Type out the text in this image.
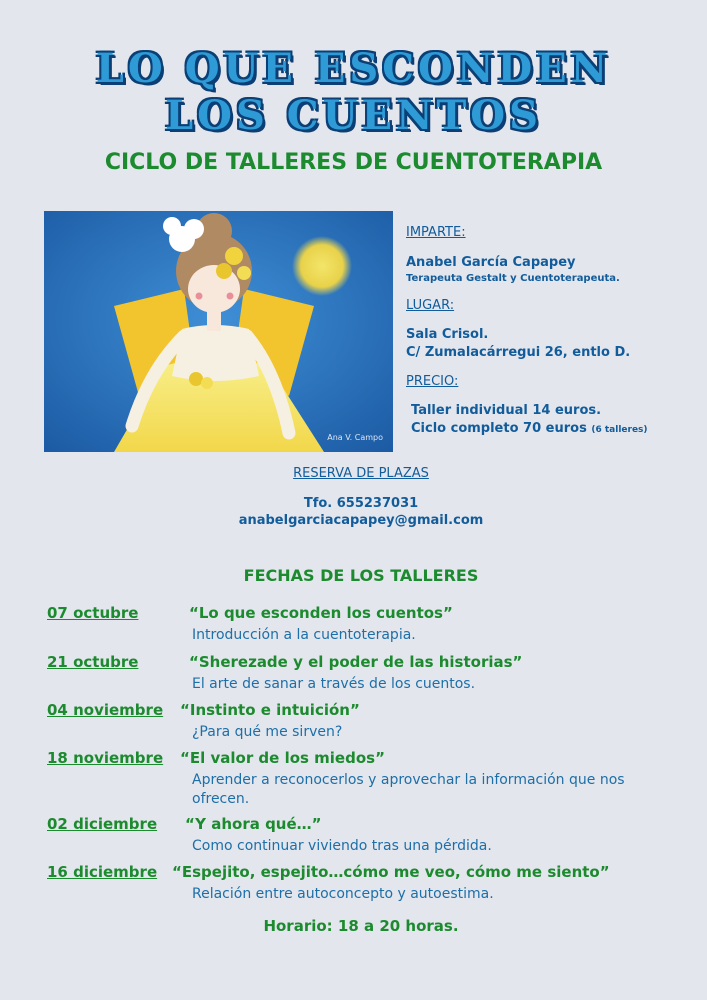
LO QUE ESCONDEN
LOS CUENTOS
CICLO DE TALLERES DE CUENTOTERAPIA
Ana V. Campo
IMPARTE:
Anabel García Capapey
Terapeuta Gestalt y Cuentoterapeuta.
LUGAR:
Sala Crisol.
C/ Zumalacárregui 26, entlo D.
PRECIO:
Taller individual 14 euros.
Ciclo completo 70 euros (6 talleres)
RESERVA DE PLAZAS
Tfo. 655237031
anabelgarciacapapey@gmail.com
FECHAS DE LOS TALLERES
07 octubre	“Lo que esconden los cuentos”
Introducción a la cuentoterapia.
21 octubre	“Sherezade y el poder de las historias”
El arte de sanar a través de los cuentos.
04 noviembre “Instinto e intuición”
¿Para qué me sirven?
18 noviembre “El valor de los miedos”
Aprender a reconocerlos y aprovechar la información que nos ofrecen.
02 diciembre “Y ahora qué…”
Como continuar viviendo tras una pérdida.
16 diciembre “Espejito, espejito…cómo me veo, cómo me siento”
Relación entre autoconcepto y autoestima.
Horario: 18 a 20 horas.
